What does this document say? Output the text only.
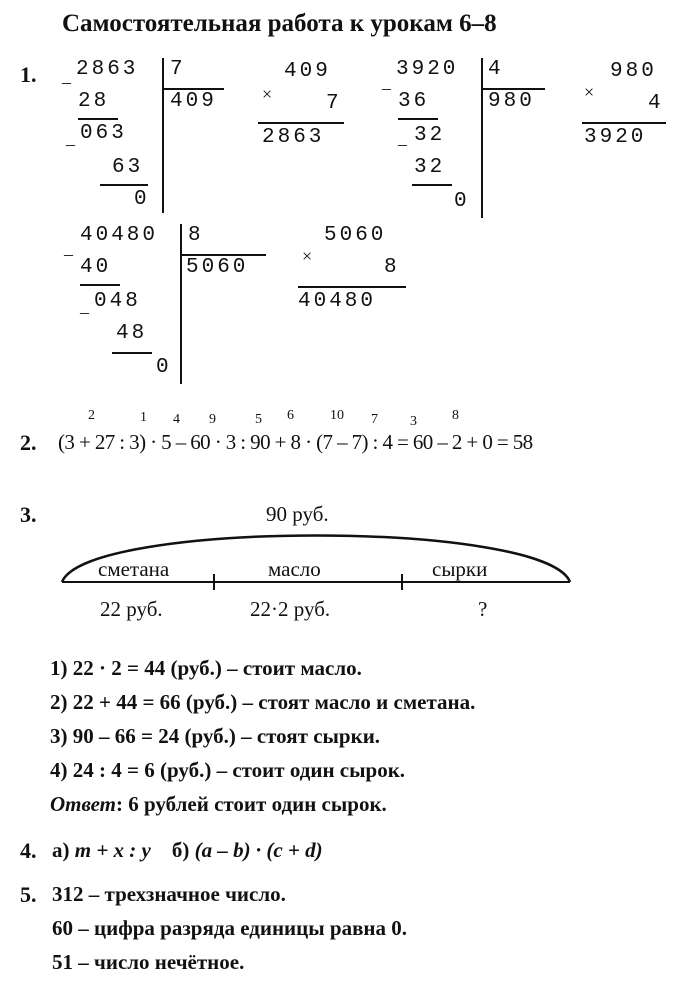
Самостоятельная работа к урокам 6–8
1. –
2863 7
409
28
– 063
63
0
409
×	7
2863
–
3920 4
980
36
– 32
32
0
980
×	4
3920
–
40480 8
5060
40
– 048
48
0
5060
×	8
40480
2.
2	1 4 9	5 6	10 7 3	8
(3 + 27 : 3) · 5 – 60 · 3 : 90 + 8 · (7 – 7) : 4 = 60 – 2 + 0 = 58
3.	90 руб.
сметана	масло	сырки
22 руб.	22·2 руб.	?
1) 22 · 2 = 44 (руб.) – стоит масло.
2) 22 + 44 = 66 (руб.) – стоят масло и сметана.
3) 90 – 66 = 24 (руб.) – стоят сырки.
4) 24 : 4 = 6 (руб.) – стоит один сырок.
Ответ: 6 рублей стоит один сырок.
4. а) m + x : y б) (a – b) · (c + d)
5. 312 – трехзначное число.
60 – цифра разряда единицы равна 0.
51 – число нечётное.
